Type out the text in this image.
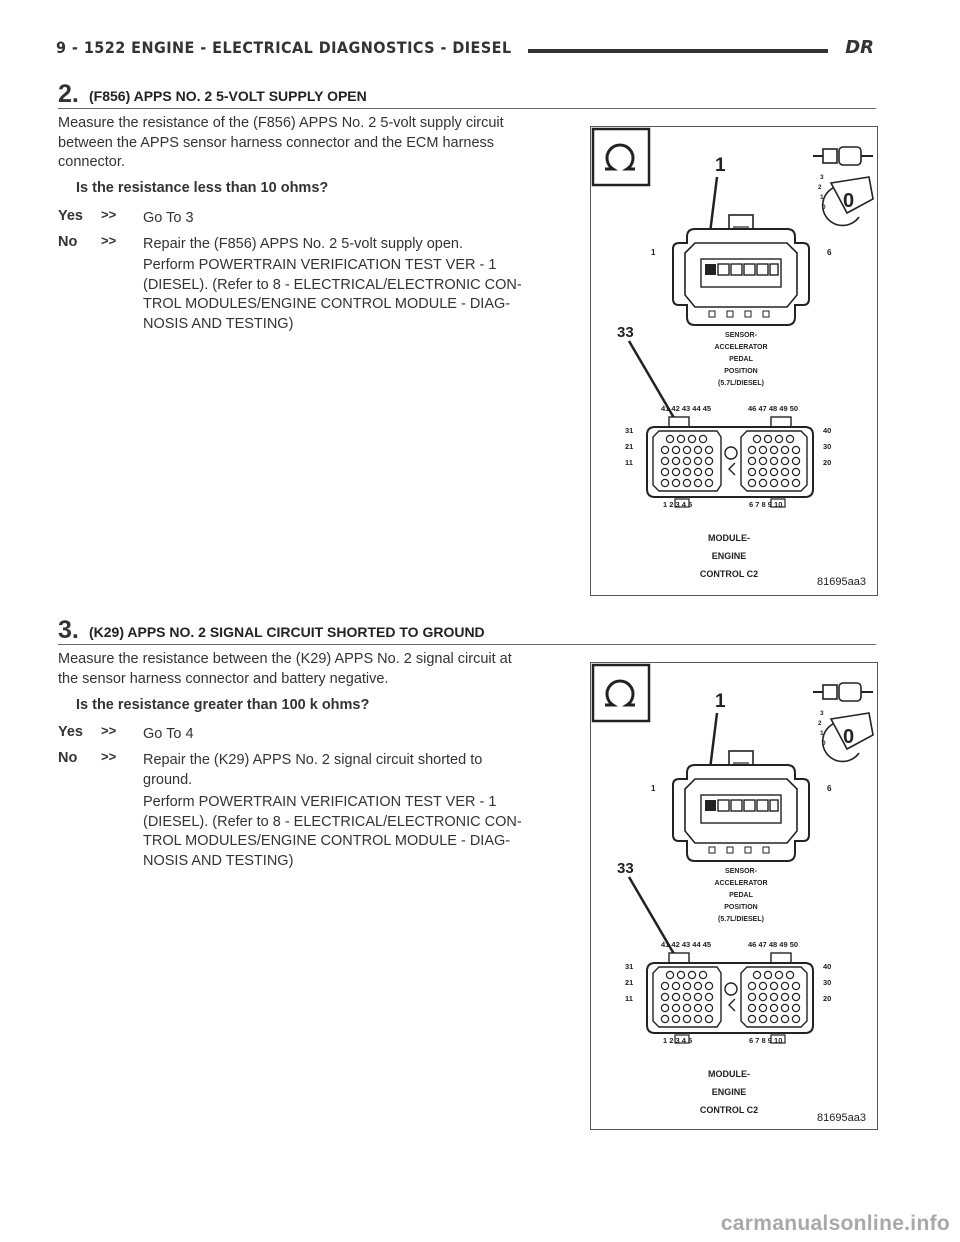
9 - 1522 ENGINE - ELECTRICAL DIAGNOSTICS - DIESEL	DR
2. (F856) APPS NO. 2 5-VOLT SUPPLY OPEN
Measure the resistance of the (F856) APPS No. 2 5-volt supply circuit
between the APPS sensor harness connector and the ECM harness
connector.
Is the resistance less than 10 ohms?
Yes >> Go To 3
No >> Repair the (F856) APPS No. 2 5-volt supply open.
Perform POWERTRAIN VERIFICATION TEST VER - 1
(DIESEL). (Refer to 8 - ELECTRICAL/ELECTRONIC CON-
TROL MODULES/ENGINE CONTROL MODULE - DIAG-
NOSIS AND TESTING)
1
0
3
2
1
0
1	6
33	SENSOR-
ACCELERATOR
PEDAL
POSITION
(5.7L/DIESEL)
41 42 43 44 45	46 47 48 49 50
31
21
11
40
30
20
1 2 3 4 5	6 7 8 9 10
MODULE-
ENGINE
CONTROL C2
81695aa3
3. (K29) APPS NO. 2 SIGNAL CIRCUIT SHORTED TO GROUND
Measure the resistance between the (K29) APPS No. 2 signal circuit at
the sensor harness connector and battery negative.
Is the resistance greater than 100 k ohms?
Yes >> Go To 4
No >> Repair the (K29) APPS No. 2 signal circuit shorted to
ground.
Perform POWERTRAIN VERIFICATION TEST VER - 1
(DIESEL). (Refer to 8 - ELECTRICAL/ELECTRONIC CON-
TROL MODULES/ENGINE CONTROL MODULE - DIAG-
NOSIS AND TESTING)
1
0
3
2
1
0
1	6
33	SENSOR-
ACCELERATOR
PEDAL
POSITION
(5.7L/DIESEL)
41 42 43 44 45	46 47 48 49 50
31
21
11
40
30
20
1 2 3 4 5	6 7 8 9 10
MODULE-
ENGINE
CONTROL C2
81695aa3
carmanualsonline.info
